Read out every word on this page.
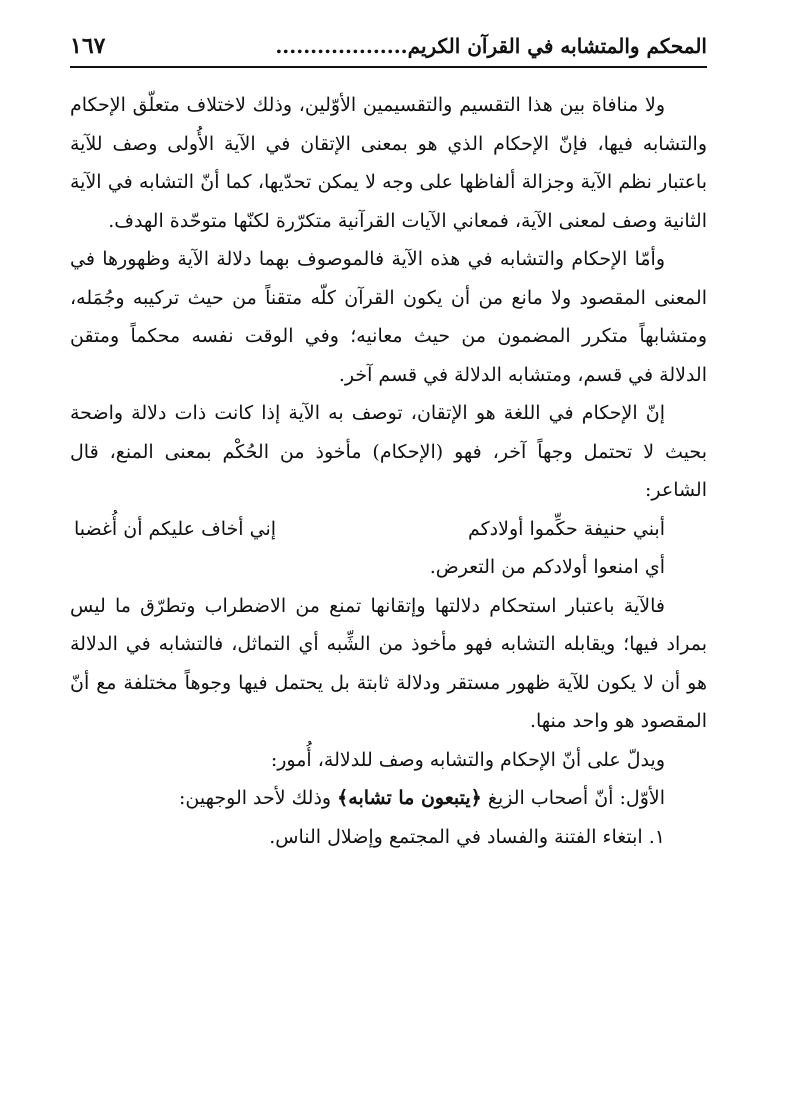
المحكم والمتشابه في القرآن الكريم...................
١٦٧

ولا منافاة بين هذا التقسيم والتقسيمين الأوّلين، وذلك لاختلاف متعلّق الإحكام والتشابه فيها، فإنّ الإحكام الذي هو بمعنى الإتقان في الآية الأُولى وصف للآية باعتبار نظم الآية وجزالة ألفاظها على وجه لا يمكن تحدّيها، كما أنّ التشابه في الآية الثانية وصف لمعنى الآية، فمعاني الآيات القرآنية متكرّرة لكنّها متوحّدة الهدف.

وأمّا الإحكام والتشابه في هذه الآية فالموصوف بهما دلالة الآية وظهورها في المعنى المقصود ولا مانع من أن يكون القرآن كلّه متقناً من حيث تركيبه وجُمَله، ومتشابهاً متكرر المضمون من حيث معانيه؛ وفي الوقت نفسه محكماً ومتقن الدلالة في قسم، ومتشابه الدلالة في قسم آخر.

إنّ الإحكام في اللغة هو الإتقان، توصف به الآية إذا كانت ذات دلالة واضحة بحيث لا تحتمل وجهاً آخر، فهو (الإحكام) مأخوذ من الحُكْم بمعنى المنع، قال الشاعر:

أبني حنيفة حكِّموا أولادكم
إني أخاف عليكم أن أُغضبا

أي امنعوا أولادكم من التعرض.

فالآية باعتبار استحكام دلالتها وإتقانها تمنع من الاضطراب وتطرّق ما ليس بمراد فيها؛ ويقابله التشابه فهو مأخوذ من الشِّبه أي التماثل، فالتشابه في الدلالة هو أن لا يكون للآية ظهور مستقر ودلالة ثابتة بل يحتمل فيها وجوهاً مختلفة مع أنّ المقصود هو واحد منها.

ويدلّ على أنّ الإحكام والتشابه وصف للدلالة، أُمور:

الأوّل: أنّ أصحاب الزيغ ﴿يتبعون ما تشابه﴾ وذلك لأحد الوجهين:

١. ابتغاء الفتنة والفساد في المجتمع وإضلال الناس.
